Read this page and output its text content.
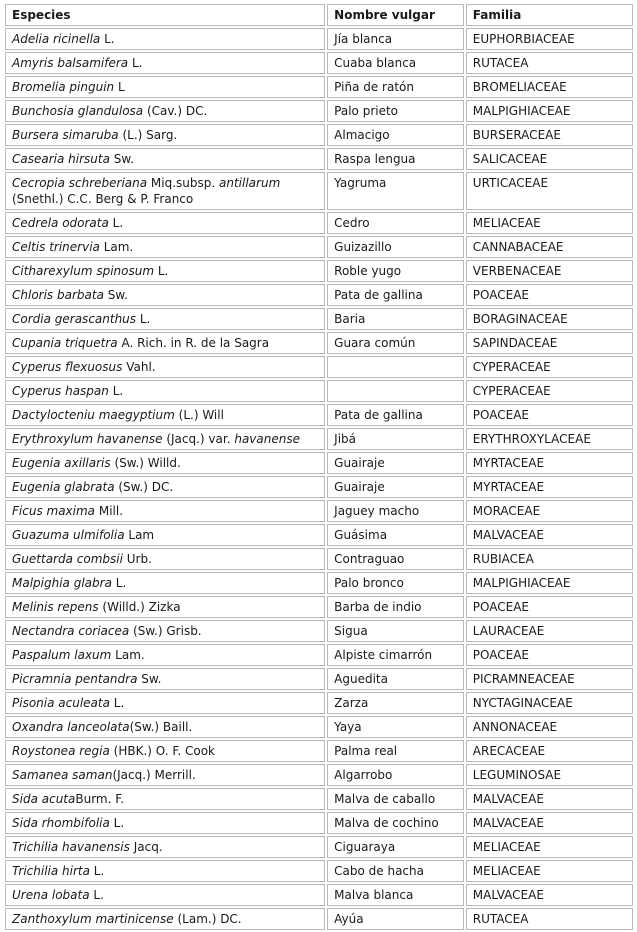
Especies	Nombre vulgar	Familia
Adelia ricinella L.	Jía blanca	EUPHORBIACEAE
Amyris balsamifera L.	Cuaba blanca	RUTACEA
Bromelia pinguin L	Piña de ratón	BROMELIACEAE
Bunchosia glandulosa (Cav.) DC.	Palo prieto	MALPIGHIACEAE
Bursera simaruba (L.) Sarg.	Almacigo	BURSERACEAE
Casearia hirsuta Sw.	Raspa lengua	SALICACEAE
Cecropia schreberiana Miq.subsp. antillarum (Snethl.) C.C. Berg & P. Franco	Yagruma	URTICACEAE
Cedrela odorata L.	Cedro	MELIACEAE
Celtis trinervia Lam.	Guizazillo	CANNABACEAE
Citharexylum spinosum L.	Roble yugo	VERBENACEAE
Chloris barbata Sw.	Pata de gallina	POACEAE
Cordia gerascanthus L.	Baria	BORAGINACEAE
Cupania triquetra A. Rich. in R. de la Sagra	Guara común	SAPINDACEAE
Cyperus flexuosus Vahl.		CYPERACEAE
Cyperus haspan L.		CYPERACEAE
Dactylocteniu maegyptium (L.) Will	Pata de gallina	POACEAE
Erythroxylum havanense (Jacq.) var. havanense	Jibá	ERYTHROXYLACEAE
Eugenia axillaris (Sw.) Willd.	Guairaje	MYRTACEAE
Eugenia glabrata (Sw.) DC.	Guairaje	MYRTACEAE
Ficus maxima Mill.	Jaguey macho	MORACEAE
Guazuma ulmifolia Lam	Guásima	MALVACEAE
Guettarda combsii Urb.	Contraguao	RUBIACEA
Malpighia glabra L.	Palo bronco	MALPIGHIACEAE
Melinis repens (Willd.) Zizka	Barba de indio	POACEAE
Nectandra coriacea (Sw.) Grisb.	Sigua	LAURACEAE
Paspalum laxum Lam.	Alpiste cimarrón	POACEAE
Picramnia pentandra Sw.	Aguedita	PICRAMNEACEAE
Pisonia aculeata L.	Zarza	NYCTAGINACEAE
Oxandra lanceolata(Sw.) Baill.	Yaya	ANNONACEAE
Roystonea regia (HBK.) O. F. Cook	Palma real	ARECACEAE
Samanea saman(Jacq.) Merrill.	Algarrobo	LEGUMINOSAE
Sida acutaBurm. F.	Malva de caballo	MALVACEAE
Sida rhombifolia L.	Malva de cochino	MALVACEAE
Trichilia havanensis Jacq.	Ciguaraya	MELIACEAE
Trichilia hirta L.	Cabo de hacha	MELIACEAE
Urena lobata L.	Malva blanca	MALVACEAE
Zanthoxylum martinicense (Lam.) DC.	Ayúa	RUTACEA
